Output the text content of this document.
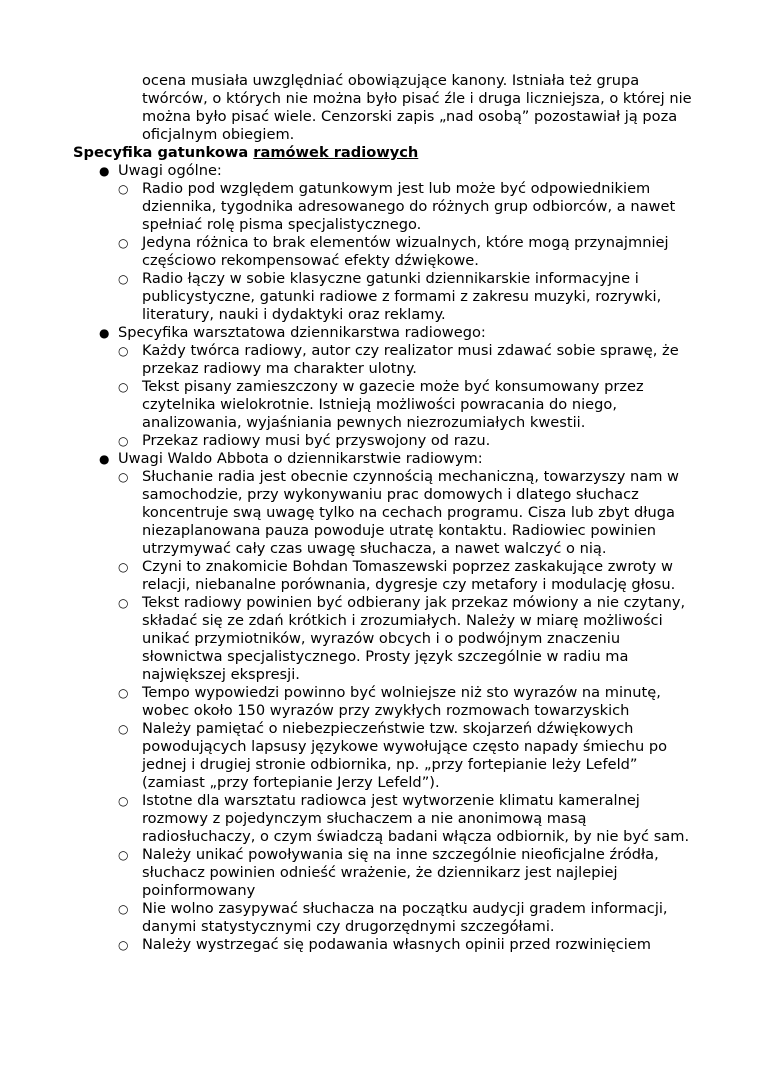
ocena musiała uwzględniać obowiązujące kanony. Istniała też grupa twórców, o których nie można było pisać źle i druga liczniejsza, o której nie można było pisać wiele. Cenzorski zapis „nad osobą” pozostawiał ją poza oficjalnym obiegiem.

Specyfika gatunkowa ramówek radiowych

● Uwagi ogólne:
○ Radio pod względem gatunkowym jest lub może być odpowiednikiem dziennika, tygodnika adresowanego do różnych grup odbiorców, a nawet spełniać rolę pisma specjalistycznego.
○ Jedyna różnica to brak elementów wizualnych, które mogą przynajmniej częściowo rekompensować efekty dźwiękowe.
○ Radio łączy w sobie klasyczne gatunki dziennikarskie informacyjne i publicystyczne, gatunki radiowe z formami z zakresu muzyki, rozrywki, literatury, nauki i dydaktyki oraz reklamy.
● Specyfika warsztatowa dziennikarstwa radiowego:
○ Każdy twórca radiowy, autor czy realizator musi zdawać sobie sprawę, że przekaz radiowy ma charakter ulotny.
○ Tekst pisany zamieszczony w gazecie może być konsumowany przez czytelnika wielokrotnie. Istnieją możliwości powracania do niego, analizowania, wyjaśniania pewnych niezrozumiałych kwestii.
○ Przekaz radiowy musi być przyswojony od razu.
● Uwagi Waldo Abbota o dziennikarstwie radiowym:
○ Słuchanie radia jest obecnie czynnością mechaniczną, towarzyszy nam w samochodzie, przy wykonywaniu prac domowych i dlatego słuchacz koncentruje swą uwagę tylko na cechach programu. Cisza lub zbyt długa niezaplanowana pauza powoduje utratę kontaktu. Radiowiec powinien utrzymywać cały czas uwagę słuchacza, a nawet walczyć o nią.
○ Czyni to znakomicie Bohdan Tomaszewski poprzez zaskakujące zwroty w relacji, niebanalne porównania, dygresje czy metafory i modulację głosu.
○ Tekst radiowy powinien być odbierany jak przekaz mówiony a nie czytany, składać się ze zdań krótkich i zrozumiałych. Należy w miarę możliwości unikać przymiotników, wyrazów obcych i o podwójnym znaczeniu słownictwa specjalistycznego. Prosty język szczególnie w radiu ma największej ekspresji.
○ Tempo wypowiedzi powinno być wolniejsze niż sto wyrazów na minutę, wobec około 150 wyrazów przy zwykłych rozmowach towarzyskich
○ Należy pamiętać o niebezpieczeństwie tzw. skojarzeń dźwiękowych powodujących lapsusy językowe wywołujące często napady śmiechu po jednej i drugiej stronie odbiornika, np. „przy fortepianie leży Lefeld” (zamiast „przy fortepianie Jerzy Lefeld”).
○ Istotne dla warsztatu radiowca jest wytworzenie klimatu kameralnej rozmowy z pojedynczym słuchaczem a nie anonimową masą radiosłuchaczy, o czym świadczą badani włącza odbiornik, by nie być sam.
○ Należy unikać powoływania się na inne szczególnie nieoficjalne źródła, słuchacz powinien odnieść wrażenie, że dziennikarz jest najlepiej poinformowany
○ Nie wolno zasypywać słuchacza na początku audycji gradem informacji, danymi statystycznymi czy drugorzędnymi szczegółami.
○ Należy wystrzegać się podawania własnych opinii przed rozwinięciem
